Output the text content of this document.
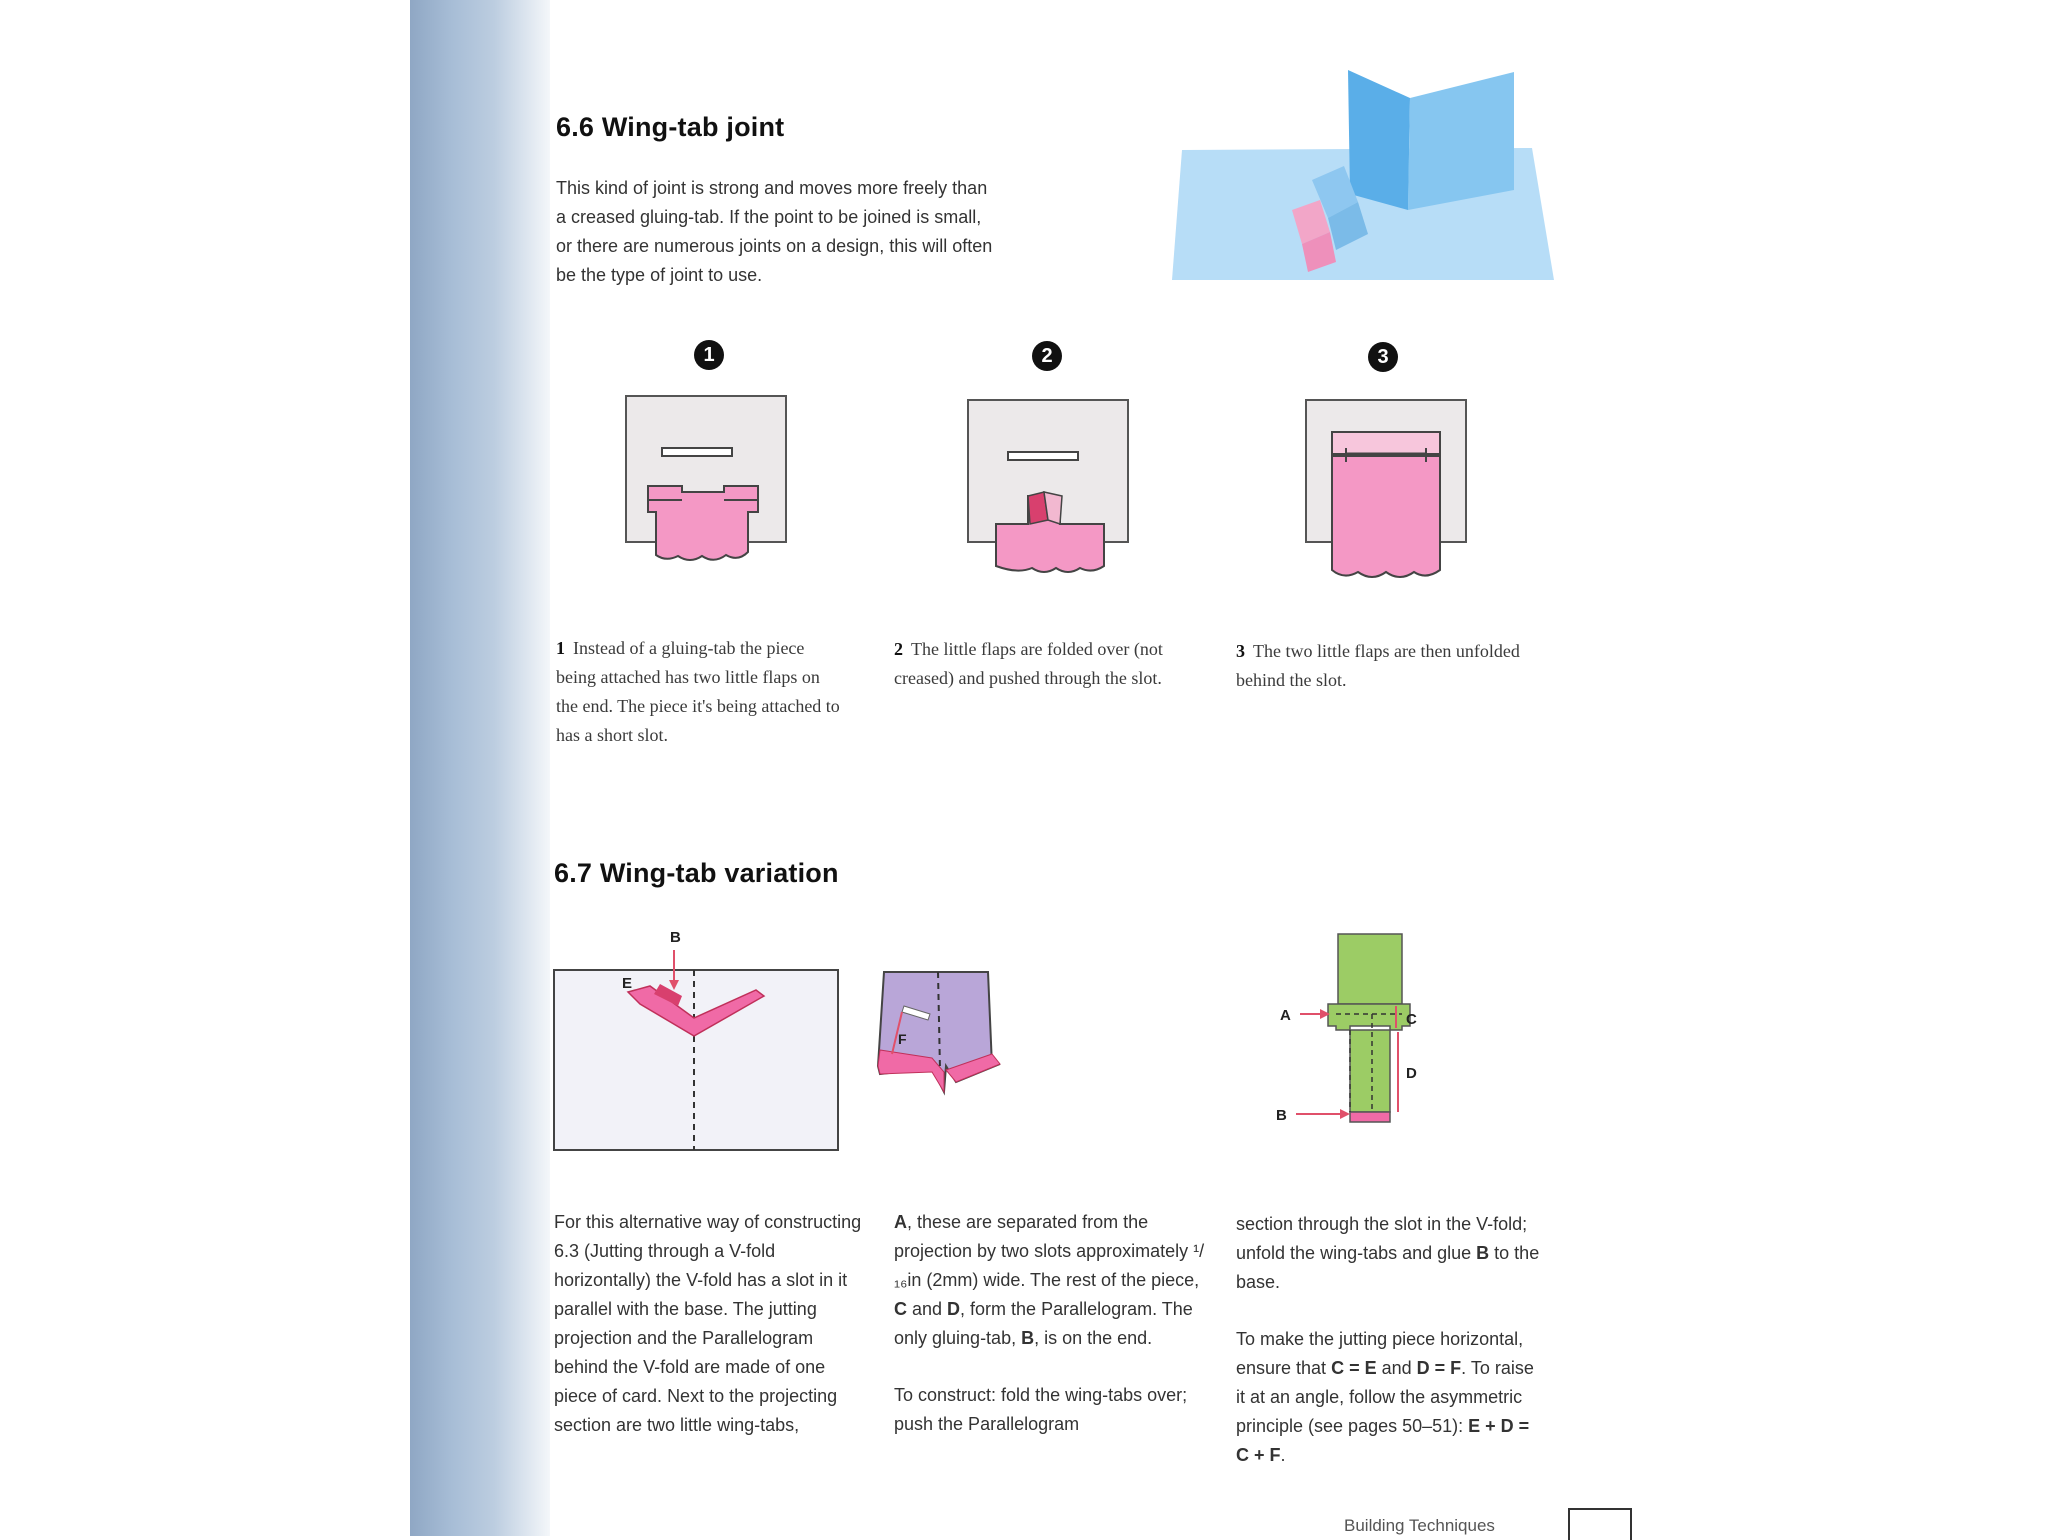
6.6 Wing-tab joint
This kind of joint is strong and moves more freely than a creased gluing-tab. If the point to be joined is small, or there are numerous joints on a design, this will often be the type of joint to use.
1	2	3
1 Instead of a gluing-tab the piece being attached has two little flaps on the end. The piece it's being attached to has a short slot.
2 The little flaps are folded over (not creased) and pushed through the slot.
3 The two little flaps are then unfolded behind the slot.
6.7 Wing-tab variation
B
E
F
A
B
C
D
For this alternative way of constructing 6.3 (Jutting through a V-fold horizontally) the V-fold has a slot in it parallel with the base. The jutting projection and the Parallelogram behind the V-fold are made of one piece of card. Next to the projecting section are two little wing-tabs,
A, these are separated from the projection by two slots approximately ¹/₁₆in (2mm) wide. The rest of the piece, C and D, form the Parallelogram. The only gluing-tab, B, is on the end.
To construct: fold the wing-tabs over; push the Parallelogram
section through the slot in the V-fold; unfold the wing-tabs and glue B to the base.
To make the jutting piece horizontal, ensure that C = E and D = F. To raise it at an angle, follow the asymmetric principle (see pages 50–51): E + D = C + F.
Building Techniques
